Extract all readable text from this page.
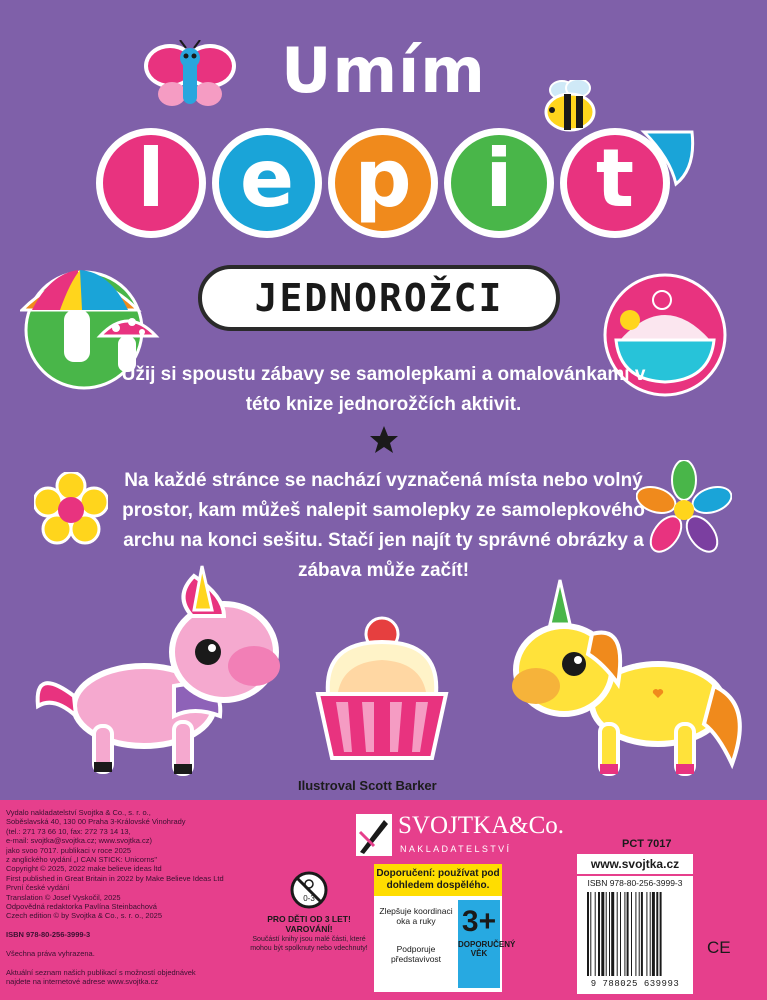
Umím
l e p i t
JEDNOROŽCI
Užij si spoustu zábavy se samolepkami a omalovánkami v této knize jednorožčích aktivit.
Na každé stránce se nachází vyznačená místa nebo volný prostor, kam můžeš nalepit samolepky ze samolepkového archu na konci sešitu. Stačí jen najít ty správné obrázky a zábava může začít!
Ilustroval Scott Barker
Vydalo nakladatelství Svojtka & Co., s. r. o.,
Soběslavská 40, 130 00 Praha 3-Královské Vinohrady
(tel.: 271 73 66 10, fax: 272 73 14 13,
e-mail: svojtka@svojtka.cz; www.svojtka.cz)
jako svoo 7017. publikaci v roce 2025
z anglického vydání „I CAN STICK: Unicorns"
Copyright © 2025, 2022 make believe ideas ltd
First published in Great Britain in 2022 by Make Believe Ideas Ltd
První české vydání
Translation © Josef Vyskočil, 2025
Odpovědná redaktorka Pavlína Steinbachová
Czech edition © by Svojtka & Co., s. r. o., 2025

ISBN 978-80-256-3999-3

Všechna práva vyhrazena.

Aktuální seznam našich publikací s možností objednávek
najdete na internetové adrese www.svojtka.cz
0-3
PRO DĚTI OD 3 LET! VAROVÁNÍ!
Součástí knihy jsou malé části, které mohou být spolknuty nebo vdechnuty!
SVOJTKA&Co.
NAKLADATELSTVÍ
Doporučení: používat pod dohledem dospělého.
Zlepšuje koordinaci oka a ruky
Podporuje představivost
3+
DOPORUČENÝ VĚK
PCT 7017
www.svojtka.cz
ISBN 978-80-256-3999-3
9 788025 639993
CE
